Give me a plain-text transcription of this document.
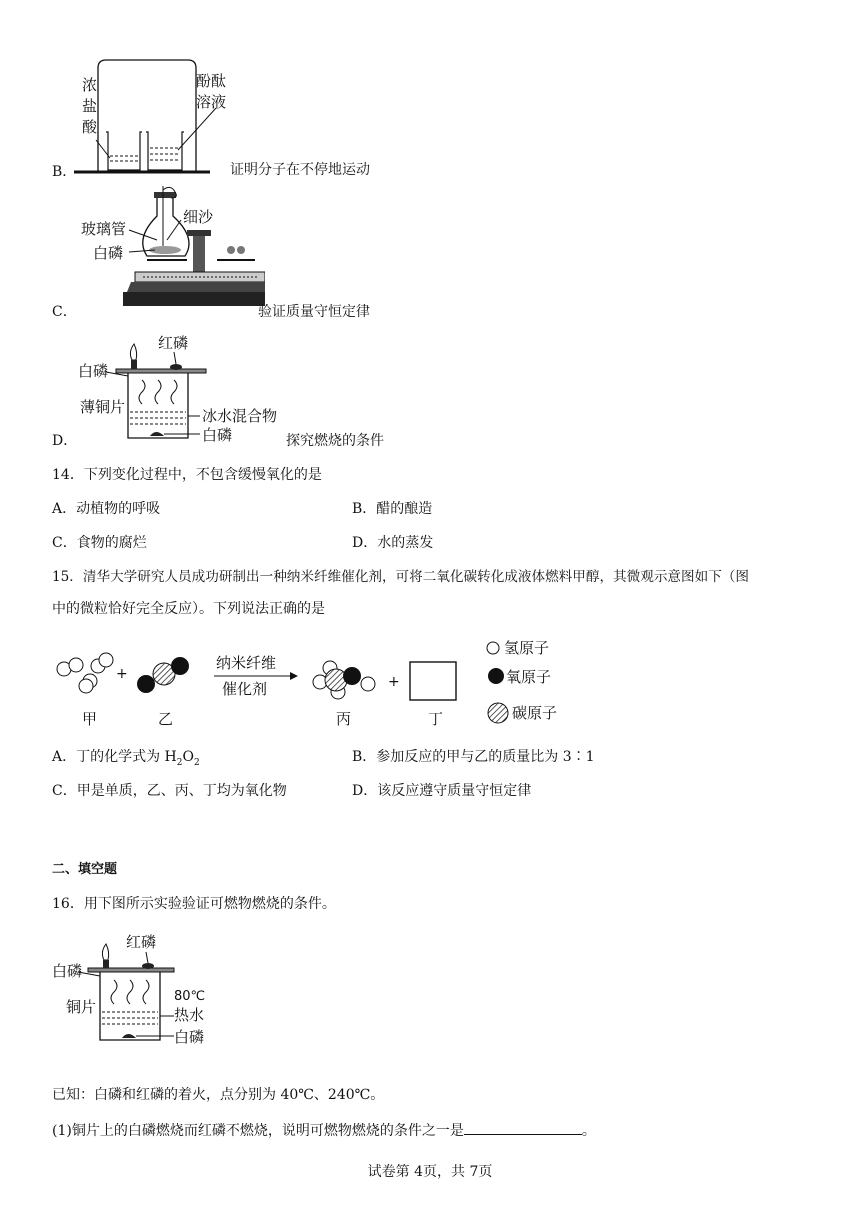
B．
浓
盐
酸
酚酞
溶液
证明分子在不停地运动
C．
玻璃管
细沙
白磷
验证质量守恒定律
D．
红磷
白磷
薄铜片	冰水混合物
白磷	探究燃烧的条件
14．下列变化过程中，不包含缓慢氧化的是
A．动植物的呼吸	B．醋的酿造
C．食物的腐烂	D．水的蒸发
15．清华大学研究人员成功研制出一种纳米纤维催化剂，可将二氧化碳转化成液体燃料甲醇，其微观示意图如下（图
中的微粒恰好完全反应）。下列说法正确的是
+
纳米纤维
催化剂	+
甲	乙	丙	丁
氢原子
氧原子
碳原子
A．丁的化学式为 $H_2O_2$	B．参加反应的甲与乙的质量比为 3∶1
C．甲是单质，乙、丙、丁均为氧化物	D．该反应遵守质量守恒定律
二、填空题
16．用下图所示实验验证可燃物燃烧的条件。
红磷
白磷
铜片
80℃
热水
白磷
已知：白磷和红磷的着火，点分别为 40℃、240℃。
(1)铜片上的白磷燃烧而红磷不燃烧，说明可燃物燃烧的条件之一是	。
试卷第 4页，共 7页
